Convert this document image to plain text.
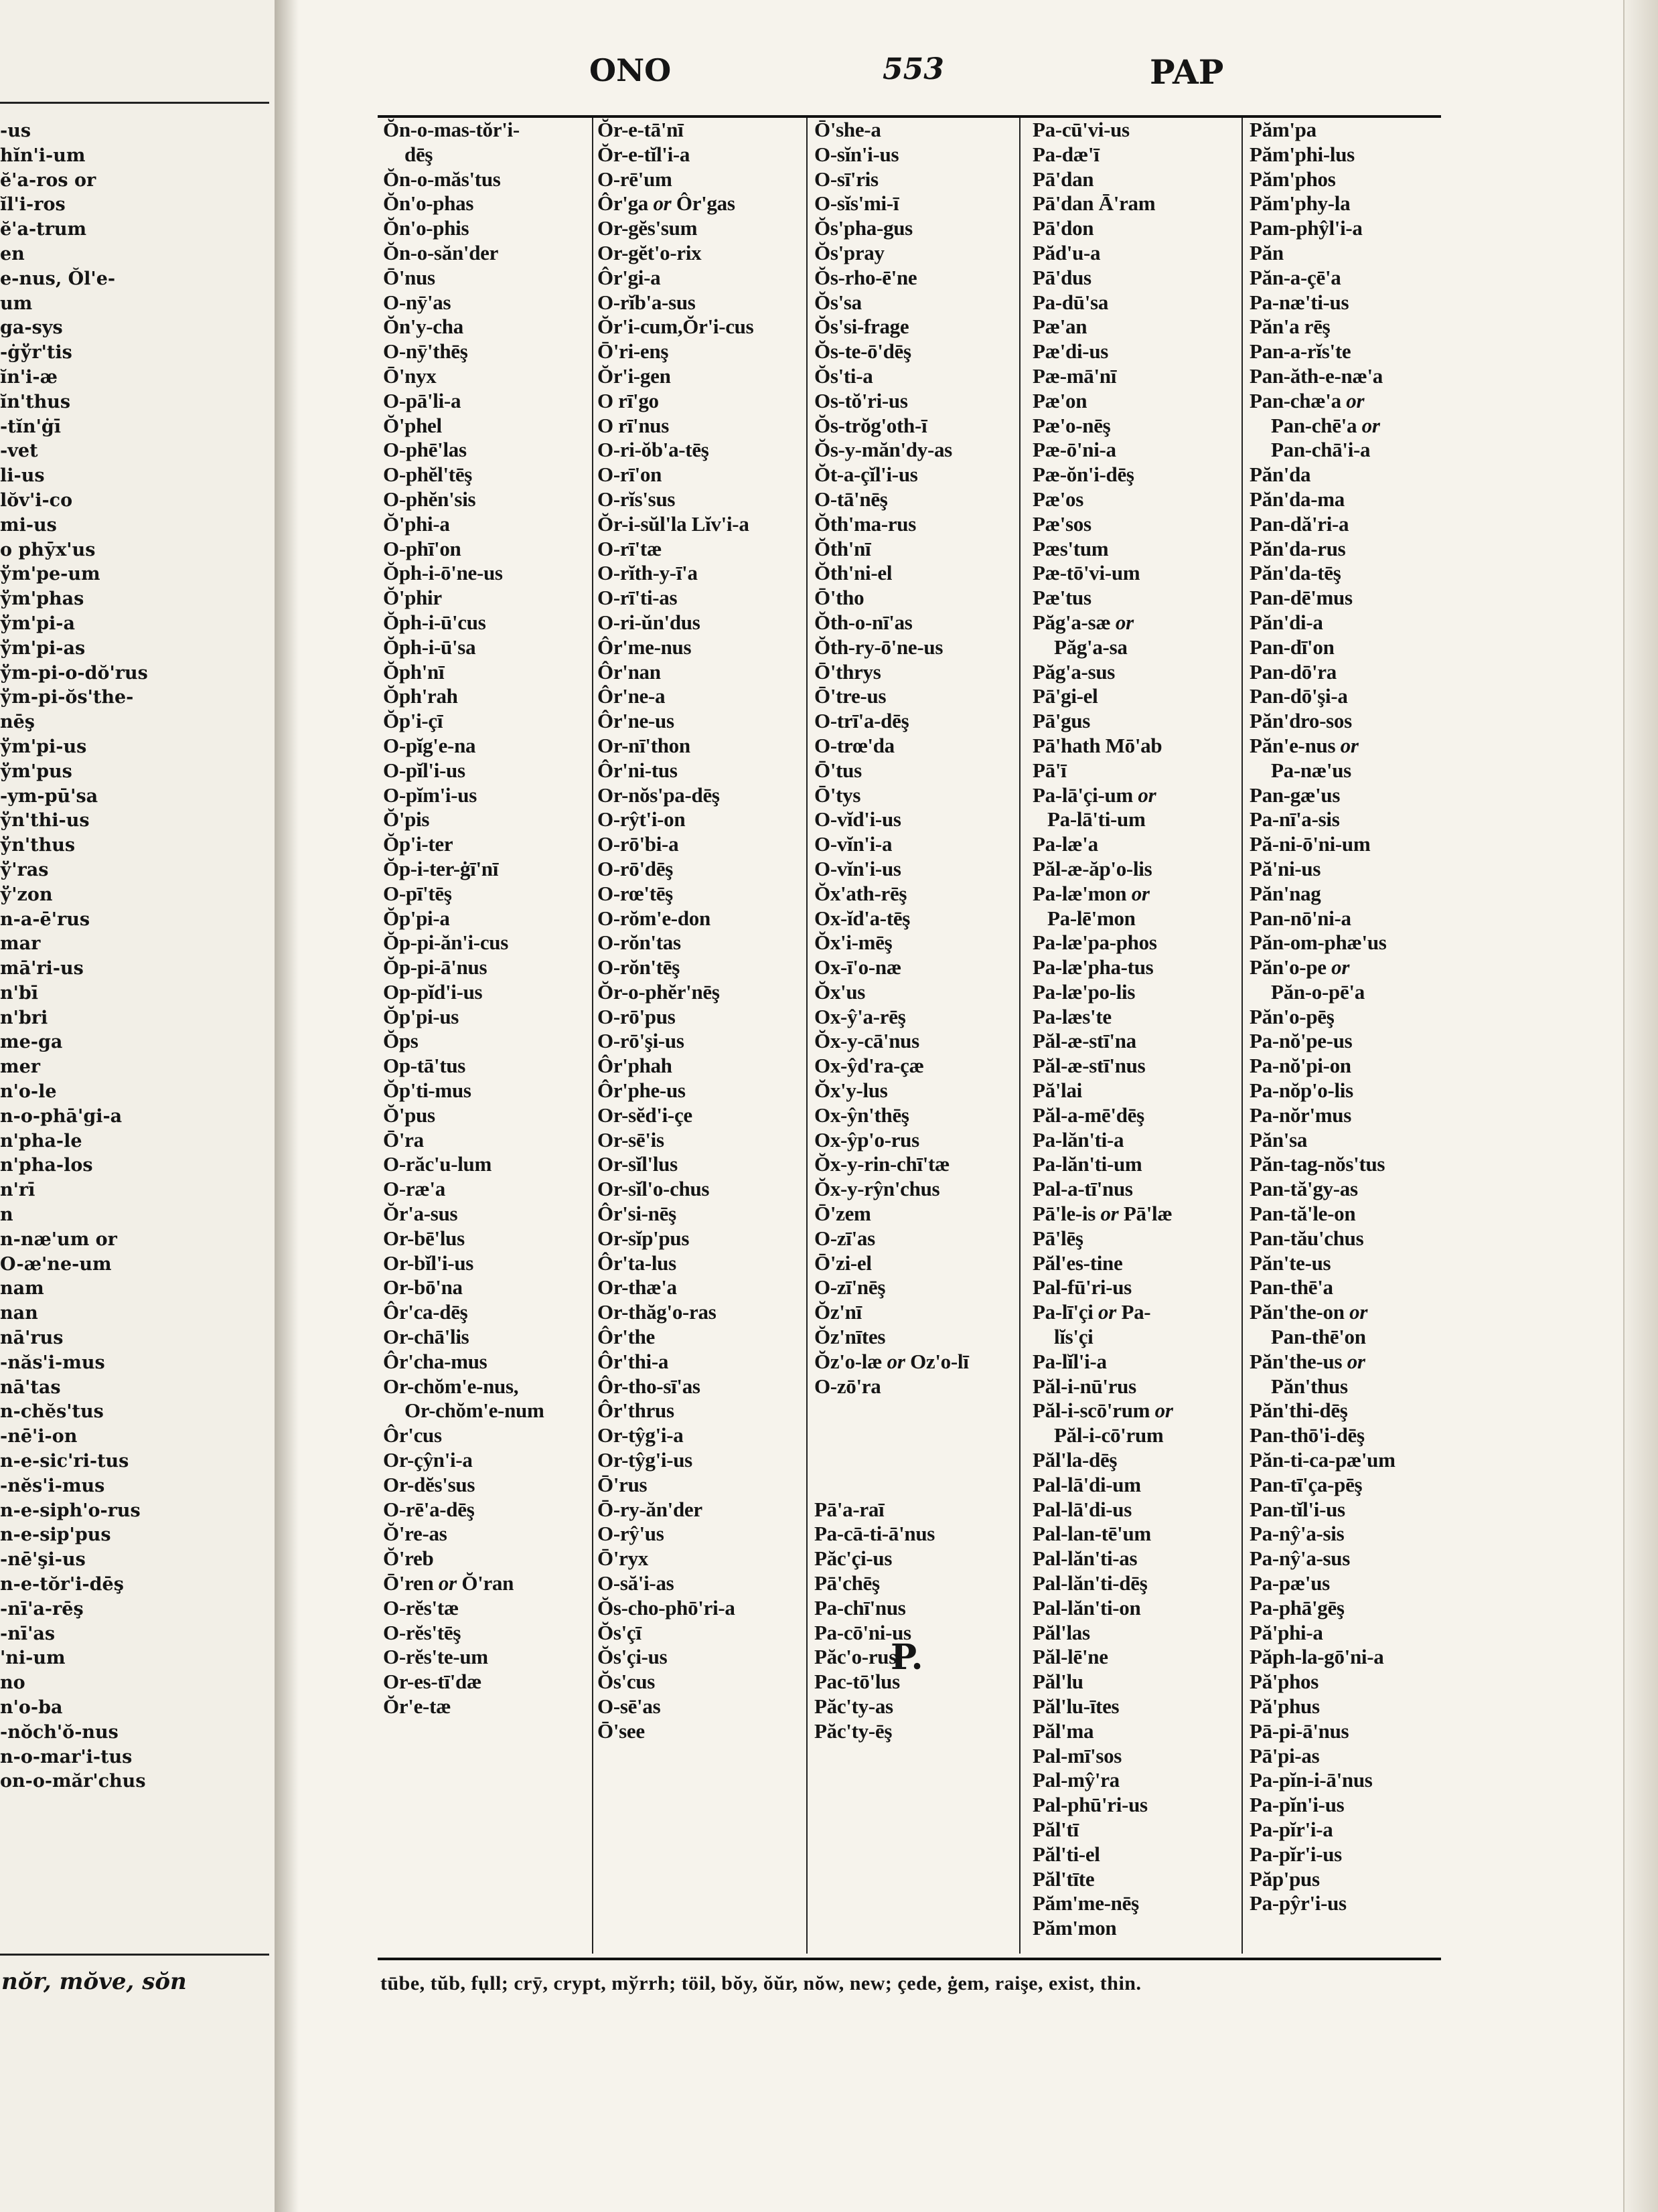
-us
hĭn'i-um
ĕ'a-ros or
ĭl'i-ros
ĕ'a-trum
en
e-nus, Ŏl'e-
um
ga-sys
-ġўr'tis
ĭn'i-æ
ĭn'thus
-tĭn'ġī
-vet
li-us
lŏv'i-co
mi-us
o phӯx'us
ўm'pe-um
ўm'phas
ўm'pi-a
ўm'pi-as
ўm-pi-o-dŏ'rus
ўm-pi-ŏs'the-
nēş
ўm'pi-us
ўm'pus
-ym-pū'sa
ўn'thi-us
ўn'thus
ў'ras
ў'zon
n-a-ē'rus
mar
mā'ri-us
n'bī
n'bri
me-ga
mer
n'o-le
n-o-phā'gi-a
n'pha-le
n'pha-los
n'rī
n
n-næ'um or
O-æ'ne-um
nam
nan
nā'rus
-năs'i-mus
nā'tas
n-chĕs'tus
-nē'i-on
n-e-sic'ri-tus
-nĕs'i-mus
n-e-siph'o-rus
n-e-sip'pus
-nē'şi-us
n-e-tŏr'i-dēş
-nī'a-rēş
-nī'as
'ni-um
no
n'o-ba
-nŏch'ŏ-nus
n-o-mar'i-tus
on-o-măr'chus
nŏr, mŏve, sŏn
ONO	553	PAP
Ŏn-o-mas-tŏr'i-
dēş
Ŏn-o-măs'tus
Ŏn'o-phas
Ŏn'o-phis
Ŏn-o-săn'der
Ō'nus
O-nӯ'as
Ŏn'y-cha
O-nӯ'thēş
Ō'nyx
O-pā'li-a
Ŏ'phel
O-phē'las
O-phĕl'tēş
O-phĕn'sis
Ŏ'phi-a
O-phī'on
Ŏph-i-ō'ne-us
Ŏ'phir
Ŏph-i-ū'cus
Ŏph-i-ū'sa
Ŏph'nī
Ŏph'rah
Ŏp'i-çī
O-pĭg'e-na
O-pĭl'i-us
O-pĭm'i-us
Ŏ'pis
Ŏp'i-ter
Ŏp-i-ter-ġī'nī
O-pī'tēş
Ŏp'pi-a
Ŏp-pi-ăn'i-cus
Ŏp-pi-ā'nus
Op-pĭd'i-us
Ŏp'pi-us
Ŏps
Op-tā'tus
Ŏp'ti-mus
Ŏ'pus
Ō'ra
O-răc'u-lum
O-ræ'a
Ŏr'a-sus
Or-bē'lus
Or-bĭl'i-us
Or-bō'na
Ôr'ca-dēş
Or-chā'lis
Ôr'cha-mus
Or-chŏm'e-nus,
Or-chŏm'e-num
Ôr'cus
Or-çŷn'i-a
Or-dĕs'sus
O-rē'a-dēş
Ŏ're-as
Ŏ'reb
Ō'ren or Ŏ'ran
O-rĕs'tæ
O-rĕs'tēş
O-rĕs'te-um
Or-es-tī'dæ
Ŏr'e-tæ
Ŏr-e-tā'nī
Ŏr-e-tĭl'i-a
O-rē'um
Ôr'ga or Ôr'gas
Or-gĕs'sum
Or-gĕt'o-rix
Ôr'gi-a
O-rĭb'a-sus
Ŏr'i-cum,Ŏr'i-cus
Ō'ri-enş
Ŏr'i-gen
O rī'go
O rī'nus
O-ri-ŏb'a-tēş
O-rī'on
O-rĭs'sus
Ŏr-i-sŭl'la Lĭv'i-a
O-rī'tæ
O-rĭth-y-ī'a
O-rī'ti-as
O-ri-ŭn'dus
Ôr'me-nus
Ôr'nan
Ôr'ne-a
Ôr'ne-us
Or-nī'thon
Ôr'ni-tus
Or-nŏs'pa-dēş
O-rŷt'i-on
O-rō'bi-a
O-rō'dēş
O-rœ'tēş
O-rŏm'e-don
O-rŏn'tas
O-rŏn'tēş
Ŏr-o-phĕr'nēş
O-rō'pus
O-rō'şi-us
Ôr'phah
Ôr'phe-us
Or-sĕd'i-çe
Or-sē'is
Or-sĭl'lus
Or-sĭl'o-chus
Ôr'si-nēş
Or-sĭp'pus
Ôr'ta-lus
Or-thæ'a
Or-thăg'o-ras
Ôr'the
Ôr'thi-a
Ôr-tho-sī'as
Ôr'thrus
Or-tŷg'i-a
Or-tŷg'i-us
Ō'rus
Ō-ry-ăn'der
O-rŷ'us
Ō'ryx
O-să'i-as
Ŏs-cho-phō'ri-a
Ŏs'çī
Ŏs'çi-us
Ŏs'cus
O-sē'as
Ō'see
Ō'she-a
O-sĭn'i-us
O-sī'ris
O-sĭs'mi-ī
Ŏs'pha-gus
Ŏs'pray
Ŏs-rho-ē'ne
Ŏs'sa
Ŏs'si-frage
Ŏs-te-ō'dēş
Ŏs'ti-a
Os-tŏ'ri-us
Ŏs-trŏg'oth-ī
Ŏs-y-măn'dy-as
Ŏt-a-çĭl'i-us
O-tā'nēş
Ŏth'ma-rus
Ŏth'nī
Ŏth'ni-el
Ō'tho
Ŏth-o-nī'as
Ŏth-ry-ō'ne-us
Ō'thrys
Ō'tre-us
O-trī'a-dēş
O-trœ'da
Ō'tus
Ō'tys
O-vĭd'i-us
O-vĭn'i-a
O-vĭn'i-us
Ŏx'ath-rēş
Ox-ĭd'a-tēş
Ŏx'i-mēş
Ox-ī'o-næ
Ŏx'us
Ox-ŷ'a-rēş
Ŏx-y-cā'nus
Ox-ŷd'ra-çæ
Ŏx'y-lus
Ox-ŷn'thēş
Ox-ŷp'o-rus
Ŏx-y-rin-chī'tæ
Ŏx-y-rŷn'chus
Ō'zem
O-zī'as
Ō'zi-el
O-zī'nēş
Ŏz'nī
Ŏz'nītes
Ŏz'o-læ or Oz'o-lī
O-zō'ra
Pā'a-raī
Pa-cā-ti-ā'nus
Păc'çi-us
Pā'chēş
Pa-chī'nus
Pa-cō'ni-us
Păc'o-rus
Pac-tō'lus
Păc'ty-as
Păc'ty-ēş
Pa-cū'vi-us
Pa-dæ'ī
Pā'dan
Pā'dan Ā'ram
Pā'don
Păd'u-a
Pā'dus
Pa-dū'sa
Pæ'an
Pæ'di-us
Pæ-mā'nī
Pæ'on
Pæ'o-nēş
Pæ-ō'ni-a
Pæ-ŏn'i-dēş
Pæ'os
Pæ'sos
Pæs'tum
Pæ-tō'vi-um
Pæ'tus
Păg'a-sæ or
Păg'a-sa
Păg'a-sus
Pā'gi-el
Pā'gus
Pā'hath Mō'ab
Pā'ī
Pa-lā'çi-um or
Pa-lā'ti-um
Pa-læ'a
Păl-æ-ăp'o-lis
Pa-læ'mon or
Pa-lē'mon
Pa-læ'pa-phos
Pa-læ'pha-tus
Pa-læ'po-lis
Pa-læs'te
Păl-æ-stī'na
Păl-æ-stī'nus
Pă'lai
Păl-a-mē'dēş
Pa-lăn'ti-a
Pa-lăn'ti-um
Pal-a-tī'nus
Pā'le-is or Pā'læ
Pā'lēş
Păl'es-tine
Pal-fū'ri-us
Pa-lī'çi or Pa-
lĭs'çi
Pa-lĭl'i-a
Păl-i-nū'rus
Păl-i-scō'rum or
Păl-i-cō'rum
Păl'la-dēş
Pal-lā'di-um
Pal-lā'di-us
Pal-lan-tē'um
Pal-lăn'ti-as
Pal-lăn'ti-dēş
Pal-lăn'ti-on
Păl'las
Păl-lē'ne
Păl'lu
Păl'lu-ītes
Păl'ma
Pal-mī'sos
Pal-mŷ'ra
Pal-phū'ri-us
Păl'tī
Păl'ti-el
Păl'tīte
Păm'me-nēş
Păm'mon
Păm'pa
Păm'phi-lus
Păm'phos
Păm'phy-la
Pam-phŷl'i-a
Păn
Păn-a-çē'a
Pa-næ'ti-us
Păn'a rēş
Pan-a-rĭs'te
Pan-ăth-e-næ'a
Pan-chæ'a or
Pan-chē'a or
Pan-chā'i-a
Păn'da
Păn'da-ma
Pan-dă'ri-a
Păn'da-rus
Păn'da-tēş
Pan-dē'mus
Păn'di-a
Pan-dī'on
Pan-dō'ra
Pan-dō'şi-a
Păn'dro-sos
Păn'e-nus or
Pa-næ'us
Pan-gæ'us
Pa-nī'a-sis
Pă-ni-ō'ni-um
Pă'ni-us
Păn'nag
Pan-nō'ni-a
Păn-om-phæ'us
Păn'o-pe or
Păn-o-pē'a
Păn'o-pēş
Pa-nŏ'pe-us
Pa-nŏ'pi-on
Pa-nŏp'o-lis
Pa-nŏr'mus
Păn'sa
Păn-tag-nŏs'tus
Pan-tă'gy-as
Pan-tă'le-on
Pan-tău'chus
Păn'te-us
Pan-thē'a
Păn'the-on or
Pan-thē'on
Păn'the-us or
Păn'thus
Păn'thi-dēş
Pan-thō'i-dēş
Păn-ti-ca-pæ'um
Pan-tī'ça-pēş
Pan-tĭl'i-us
Pa-nŷ'a-sis
Pa-nŷ'a-sus
Pa-pæ'us
Pa-phā'gēş
Pă'phi-a
Păph-la-gō'ni-a
Pă'phos
Pă'phus
Pā-pi-ā'nus
Pā'pi-as
Pa-pĭn-i-ā'nus
Pa-pĭn'i-us
Pa-pĭr'i-a
Pa-pĭr'i-us
Păp'pus
Pa-pŷr'i-us
P.
tūbe, tŭb, fụll; crȳ, crypt, mўrrh; töil, bŏy, ŏŭr, nŏw, new; çede, ġem, raişe, exist, thin.
